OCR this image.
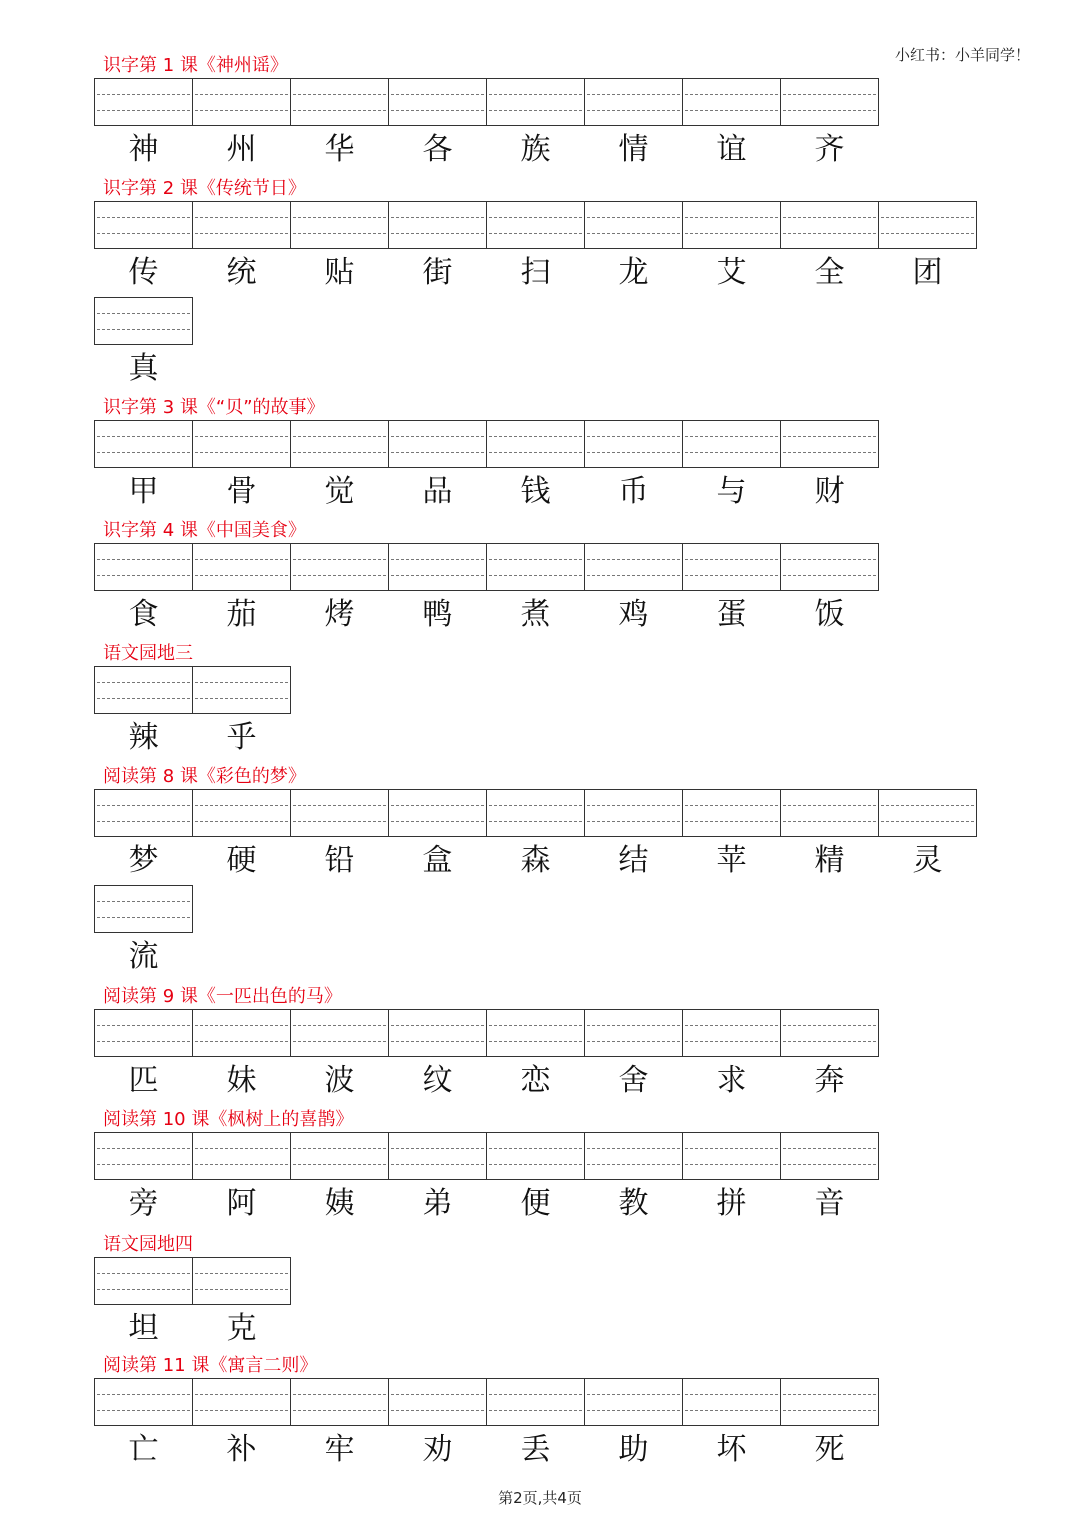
小红书：小羊同学！
识字第 1 课《神州谣》
神	州	华	各	族	情	谊	齐
识字第 2 课《传统节日》
传	统	贴	街	扫	龙	艾	全	团
真
识字第 3 课《“贝”的故事》
甲	骨	觉	品	钱	币	与	财
识字第 4 课《中国美食》
食	茄	烤	鸭	煮	鸡	蛋	饭
语文园地三
辣	乎
阅读第 8 课《彩色的梦》
梦	硬	铅	盒	森	结	苹	精	灵
流
阅读第 9 课《一匹出色的马》
匹	妹	波	纹	恋	舍	求	奔
阅读第 10 课《枫树上的喜鹊》
旁	阿	姨	弟	便	教	拼	音
语文园地四
坦	克
阅读第 11 课《寓言二则》
亡	补	牢	劝	丢	助	坏	死
第2页,共4页
